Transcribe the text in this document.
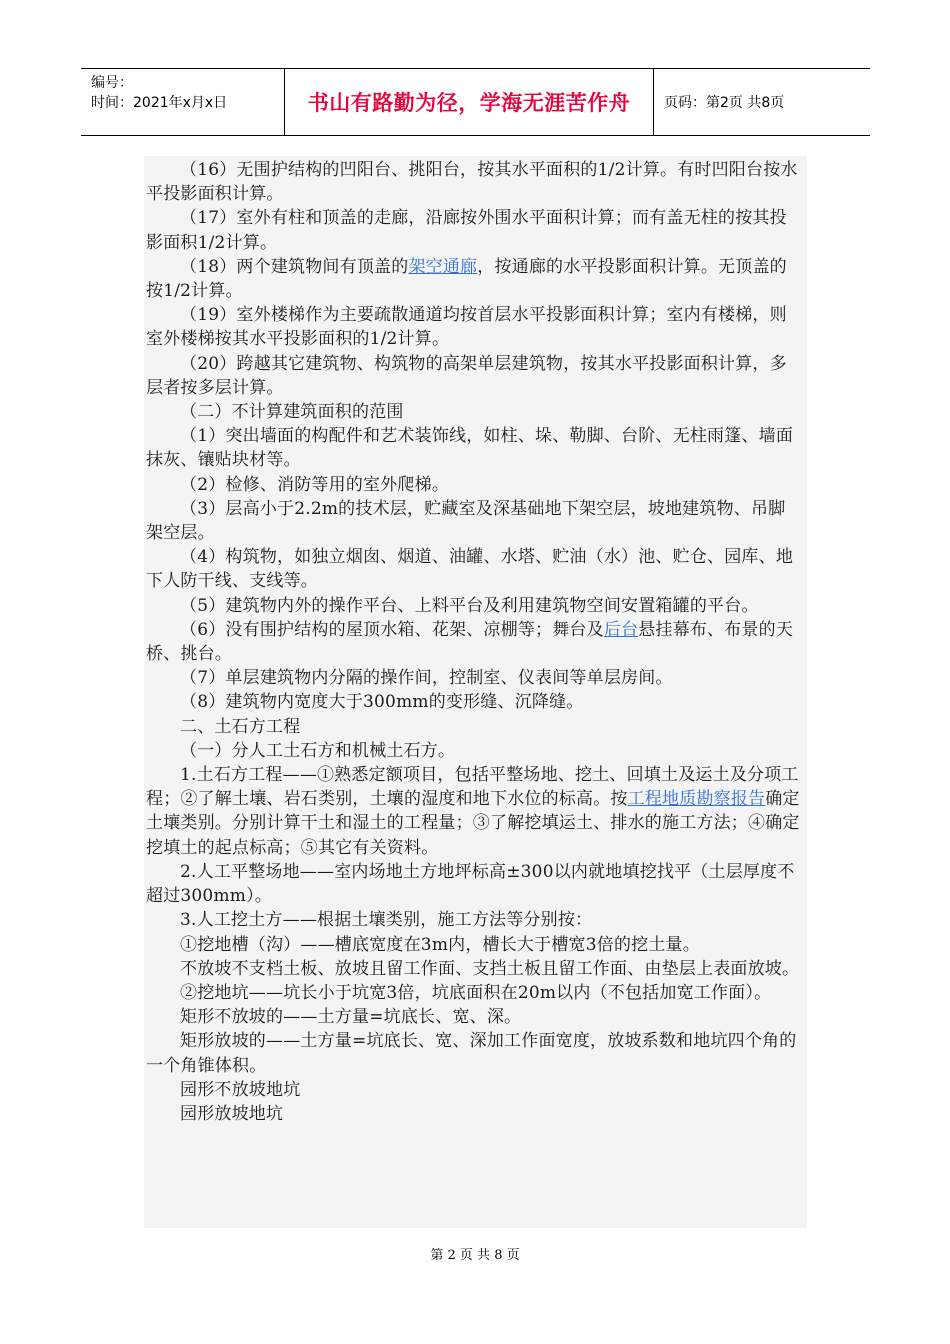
编号：
时间：2021年x月x日	书山有路勤为径，学海无涯苦作舟	页码：第2页 共8页

（16）无围护结构的凹阳台、挑阳台，按其水平面积的1/2计算。有时凹阳台按水平投影面积计算。

（17）室外有柱和顶盖的走廊，沿廊按外围水平面积计算；而有盖无柱的按其投影面积1/2计算。

（18）两个建筑物间有顶盖的架空通廊，按通廊的水平投影面积计算。无顶盖的按1/2计算。

（19）室外楼梯作为主要疏散通道均按首层水平投影面积计算；室内有楼梯，则室外楼梯按其水平投影面积的1/2计算。

（20）跨越其它建筑物、构筑物的高架单层建筑物，按其水平投影面积计算，多层者按多层计算。

（二）不计算建筑面积的范围

（1）突出墙面的构配件和艺术装饰线，如柱、垛、勒脚、台阶、无柱雨篷、墙面抹灰、镶贴块材等。

（2）检修、消防等用的室外爬梯。

（3）层高小于2.2m的技术层，贮藏室及深基础地下架空层，坡地建筑物、吊脚架空层。

（4）构筑物，如独立烟囱、烟道、油罐、水塔、贮油（水）池、贮仓、园库、地下人防干线、支线等。

（5）建筑物内外的操作平台、上料平台及利用建筑物空间安置箱罐的平台。

（6）没有围护结构的屋顶水箱、花架、凉棚等；舞台及后台悬挂幕布、布景的天桥、挑台。

（7）单层建筑物内分隔的操作间，控制室、仪表间等单层房间。

（8）建筑物内宽度大于300mm的变形缝、沉降缝。

二、土石方工程

（一）分人工土石方和机械土石方。

1.土石方工程——①熟悉定额项目，包括平整场地、挖土、回填土及运土及分项工程；②了解土壤、岩石类别，土壤的湿度和地下水位的标高。按工程地质勘察报告确定土壤类别。分别计算干土和湿土的工程量；③了解挖填运土、排水的施工方法；④确定挖填土的起点标高；⑤其它有关资料。

2.人工平整场地——室内场地土方地坪标高±300以内就地填挖找平（土层厚度不超过300mm）。

3.人工挖土方——根据土壤类别，施工方法等分别按：

①挖地槽（沟）——槽底宽度在3m内，槽长大于槽宽3倍的挖土量。

不放坡不支档土板、放坡且留工作面、支挡土板且留工作面、由垫层上表面放坡。

②挖地坑——坑长小于坑宽3倍，坑底面积在20m以内（不包括加宽工作面）。

矩形不放坡的——土方量=坑底长、宽、深。

矩形放坡的——土方量=坑底长、宽、深加工作面宽度，放坡系数和地坑四个角的一个角锥体积。

园形不放坡地坑

园形放坡地坑

第 2 页 共 8 页
